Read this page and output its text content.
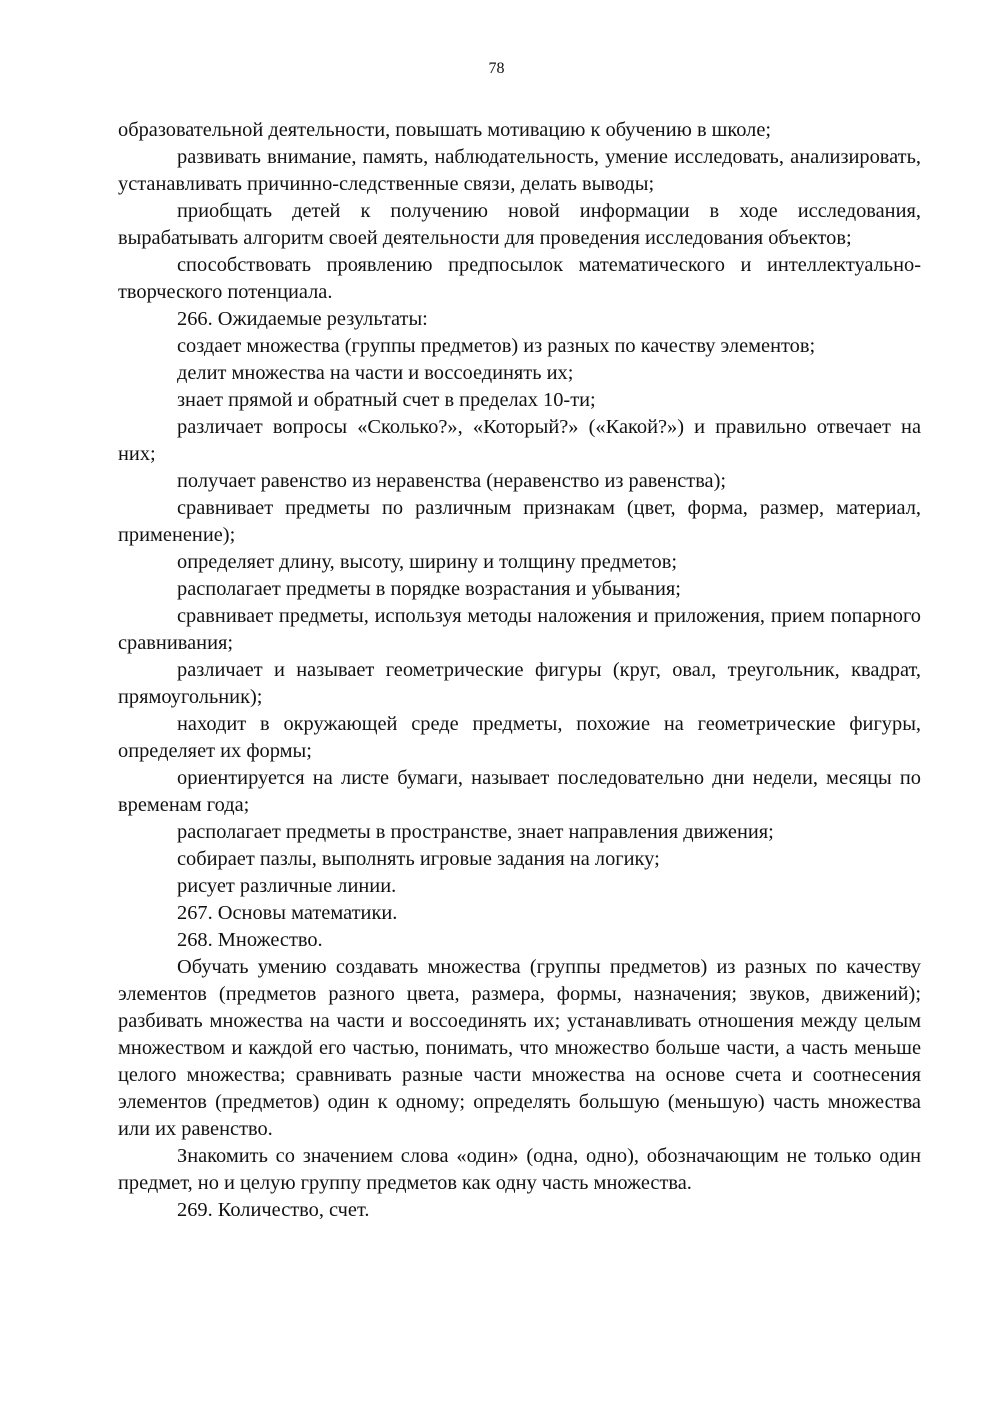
78

образовательной деятельности, повышать мотивацию к обучению в школе;

развивать внимание, память, наблюдательность, умение исследовать, анализировать, устанавливать причинно-следственные связи, делать выводы;

приобщать детей к получению новой информации в ходе исследования, вырабатывать алгоритм своей деятельности для проведения исследования объектов;

способствовать проявлению предпосылок математического и интеллектуально-творческого потенциала.

266. Ожидаемые результаты:

создает множества (группы предметов) из разных по качеству элементов;

делит множества на части и воссоединять их;

знает прямой и обратный счет в пределах 10-ти;

различает вопросы «Сколько?», «Который?» («Какой?») и правильно отвечает на них;

получает равенство из неравенства (неравенство из равенства);

сравнивает предметы по различным признакам (цвет, форма, размер, материал, применение);

определяет длину, высоту, ширину и толщину предметов;

располагает предметы в порядке возрастания и убывания;

сравнивает предметы, используя методы наложения и приложения, прием попарного сравнивания;

различает и называет геометрические фигуры (круг, овал, треугольник, квадрат, прямоугольник);

находит в окружающей среде предметы, похожие на геометрические фигуры, определяет их формы;

ориентируется на листе бумаги, называет последовательно дни недели, месяцы по временам года;

располагает предметы в пространстве, знает направления движения;

собирает пазлы, выполнять игровые задания на логику;

рисует различные линии.

267. Основы математики.

268. Множество.

Обучать умению создавать множества (группы предметов) из разных по качеству элементов (предметов разного цвета, размера, формы, назначения; звуков, движений); разбивать множества на части и воссоединять их; устанавливать отношения между целым множеством и каждой его частью, понимать, что множество больше части, а часть меньше целого множества; сравнивать разные части множества на основе счета и соотнесения элементов (предметов) один к одному; определять большую (меньшую) часть множества или их равенство.

Знакомить со значением слова «один» (одна, одно), обозначающим не только один предмет, но и целую группу предметов как одну часть множества.

269. Количество, счет.
